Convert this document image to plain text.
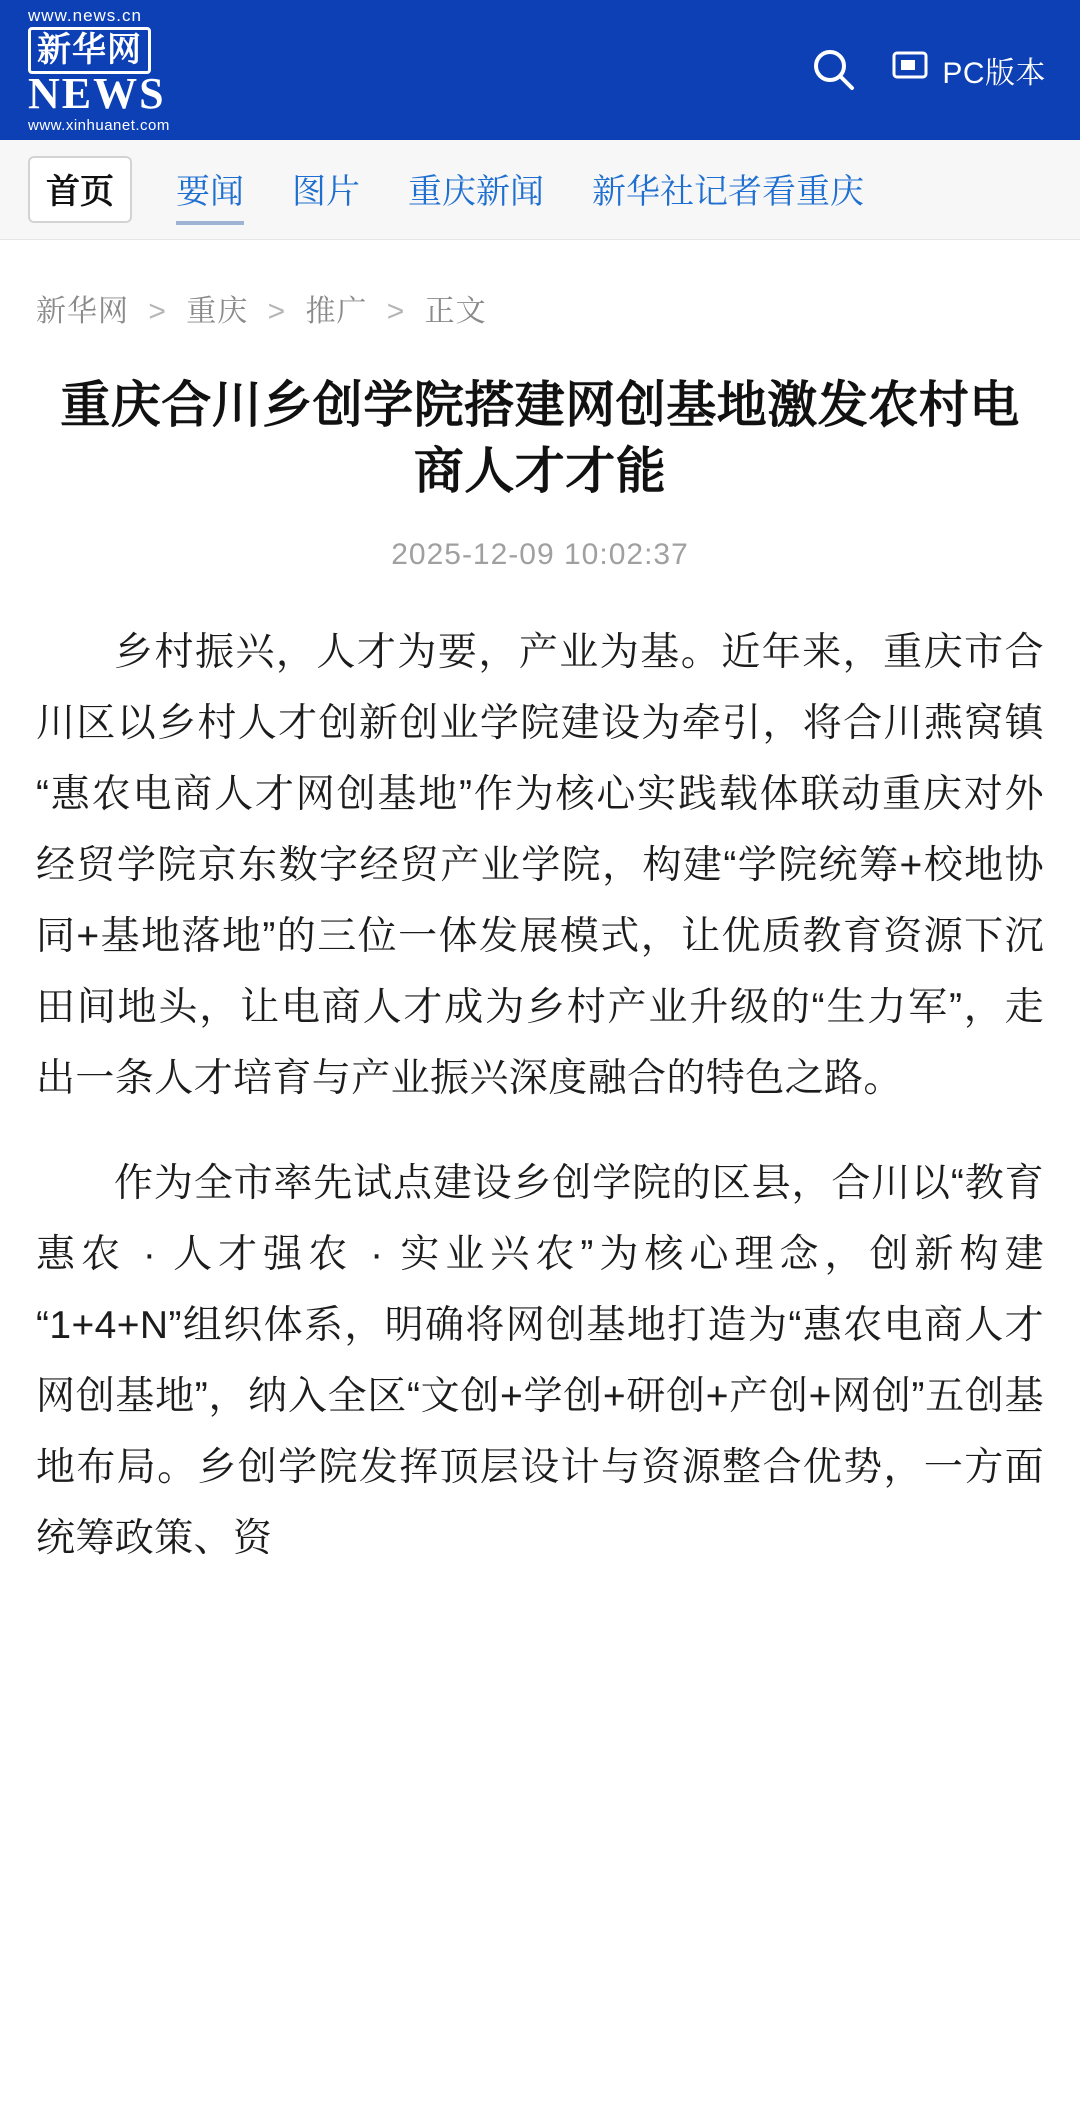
www.news.cn
新华网
NEWS
www.xinhuanet.com
PC版本
首页	要闻 图片 重庆新闻 新华社记者看重庆
新华网 > 重庆 > 推广 > 正文
重庆合川乡创学院搭建网创基地激发农村电商人才才能
2025-12-09 10:02:37

乡村振兴，人才为要，产业为基。近年来，重庆市合川区以乡村人才创新创业学院建设为牵引，将合川燕窝镇“惠农电商人才网创基地”作为核心实践载体联动重庆对外经贸学院京东数字经贸产业学院，构建“学院统筹+校地协同+基地落地”的三位一体发展模式，让优质教育资源下沉田间地头，让电商人才成为乡村产业升级的“生力军”，走出一条人才培育与产业振兴深度融合的特色之路。

作为全市率先试点建设乡创学院的区县，合川以“教育惠农 · 人才强农 · 实业兴农”为核心理念，创新构建“1+4+N”组织体系，明确将网创基地打造为“惠农电商人才网创基地”，纳入全区“文创+学创+研创+产创+网创”五创基地布局。乡创学院发挥顶层设计与资源整合优势，一方面统筹政策、资
